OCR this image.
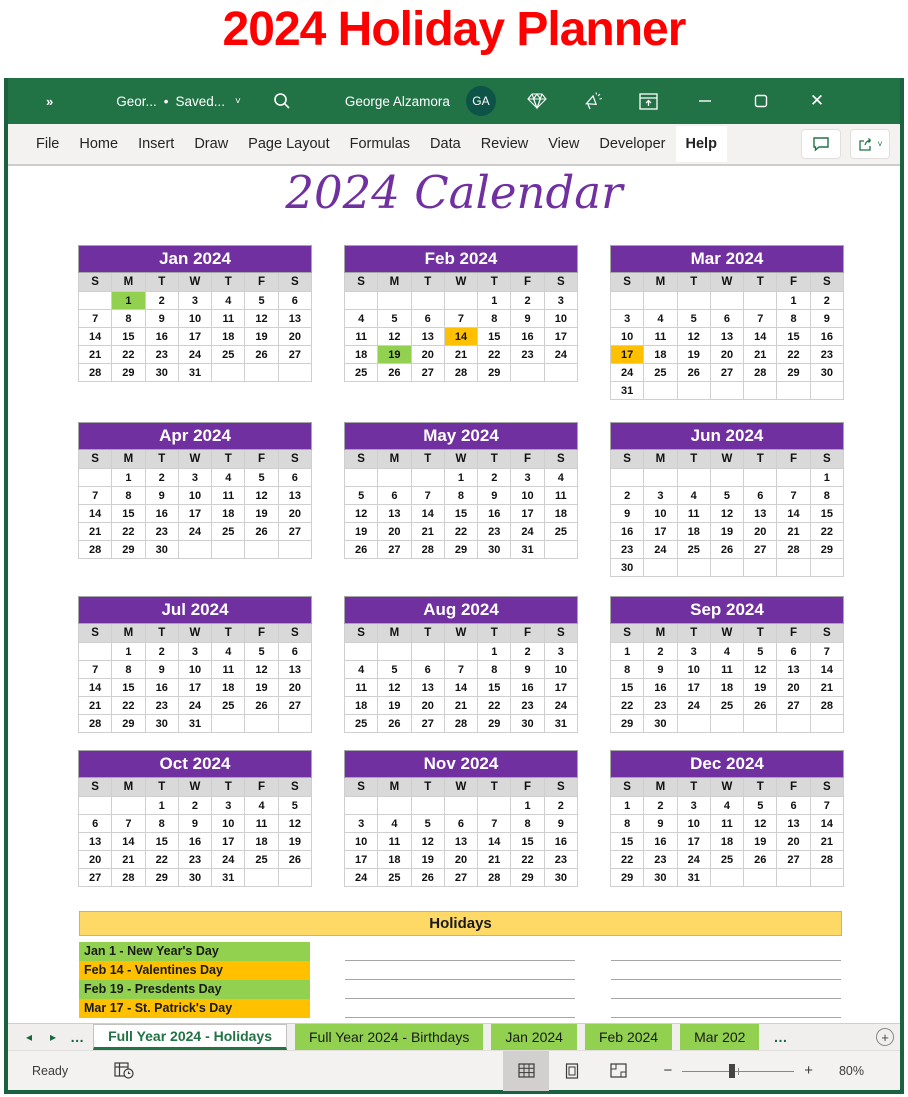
2024 Holiday Planner
»	Geor... • Saved... ˅	George Alzamora	GA	✕
File	Home	Insert	Draw	Page Layout	Formulas	Data	Review	View	Developer	Help	˅
2024 Calendar
Jan 2024						
S	M	T	W	T	F	S
	1	2	3	4	5	6
7	8	9	10	11	12	13
14	15	16	17	18	19	20
21	22	23	24	25	26	27
28	29	30	31			
Feb 2024						
S	M	T	W	T	F	S
				1	2	3
4	5	6	7	8	9	10
11	12	13	14	15	16	17
18	19	20	21	22	23	24
25	26	27	28	29		
Mar 2024						
S	M	T	W	T	F	S
					1	2
3	4	5	6	7	8	9
10	11	12	13	14	15	16
17	18	19	20	21	22	23
24	25	26	27	28	29	30
31						
Apr 2024						
S	M	T	W	T	F	S
	1	2	3	4	5	6
7	8	9	10	11	12	13
14	15	16	17	18	19	20
21	22	23	24	25	26	27
28	29	30				
May 2024						
S	M	T	W	T	F	S
			1	2	3	4
5	6	7	8	9	10	11
12	13	14	15	16	17	18
19	20	21	22	23	24	25
26	27	28	29	30	31	
Jun 2024						
S	M	T	W	T	F	S
						1
2	3	4	5	6	7	8
9	10	11	12	13	14	15
16	17	18	19	20	21	22
23	24	25	26	27	28	29
30						
Jul 2024						
S	M	T	W	T	F	S
	1	2	3	4	5	6
7	8	9	10	11	12	13
14	15	16	17	18	19	20
21	22	23	24	25	26	27
28	29	30	31			
Aug 2024						
S	M	T	W	T	F	S
				1	2	3
4	5	6	7	8	9	10
11	12	13	14	15	16	17
18	19	20	21	22	23	24
25	26	27	28	29	30	31
Sep 2024						
S	M	T	W	T	F	S
1	2	3	4	5	6	7
8	9	10	11	12	13	14
15	16	17	18	19	20	21
22	23	24	25	26	27	28
29	30					
Oct 2024						
S	M	T	W	T	F	S
		1	2	3	4	5
6	7	8	9	10	11	12
13	14	15	16	17	18	19
20	21	22	23	24	25	26
27	28	29	30	31		
Nov 2024						
S	M	T	W	T	F	S
					1	2
3	4	5	6	7	8	9
10	11	12	13	14	15	16
17	18	19	20	21	22	23
24	25	26	27	28	29	30
Dec 2024						
S	M	T	W	T	F	S
1	2	3	4	5	6	7
8	9	10	11	12	13	14
15	16	17	18	19	20	21
22	23	24	25	26	27	28
29	30	31				
Holidays
Jan 1 - New Year's Day
Feb 14 - Valentines Day
Feb 19 - Presdents Day
Mar 17 - St. Patrick's Day
◂ ▸ …	Full Year 2024 - Holidays	Full Year 2024 - Birthdays	Jan 2024	Feb 2024	Mar 202	…	+
Ready	−	+	80%
